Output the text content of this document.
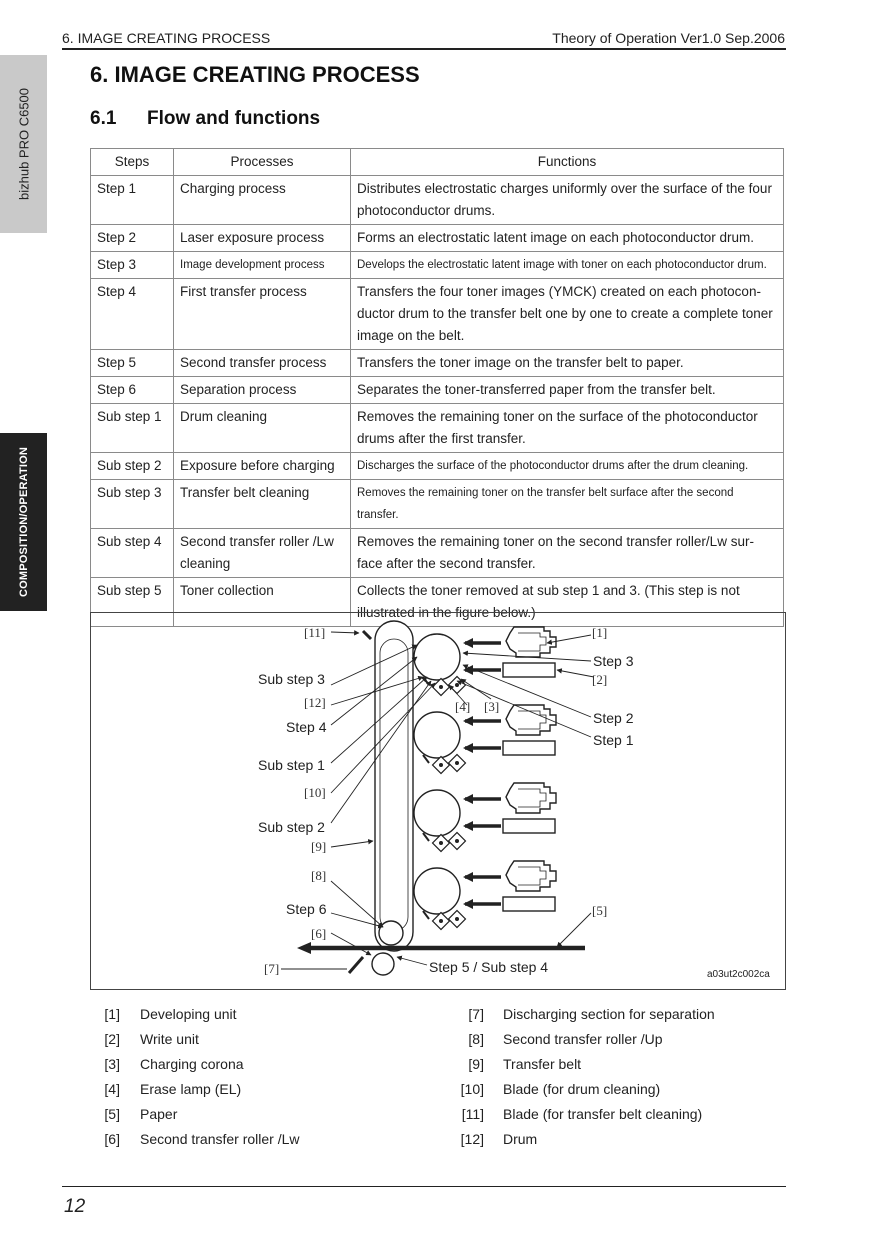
6. IMAGE CREATING PROCESS	Theory of Operation Ver1.0 Sep.2006
bizhub PRO C6500
COMPOSITION/OPERATION
6. IMAGE CREATING PROCESS
6.1 Flow and functions
Steps	Processes	Functions
Step 1	Charging process	Distributes electrostatic charges uniformly over the surface of the four photoconductor drums.
Step 2	Laser exposure process	Forms an electrostatic latent image on each photoconductor drum.
Step 3	Image development process	Develops the electrostatic latent image with toner on each photoconductor drum.
Step 4	First transfer process	Transfers the four toner images (YMCK) created on each photocon-ductor drum to the transfer belt one by one to create a complete toner image on the belt.
Step 5	Second transfer process	Transfers the toner image on the transfer belt to paper.
Step 6	Separation process	Separates the toner-transferred paper from the transfer belt.
Sub step 1	Drum cleaning	Removes the remaining toner on the surface of the photoconductor drums after the first transfer.
Sub step 2	Exposure before charging	Discharges the surface of the photoconductor drums after the drum cleaning.
Sub step 3	Transfer belt cleaning	Removes the remaining toner on the transfer belt surface after the second transfer.
Sub step 4	Second transfer roller /Lw cleaning	Removes the remaining toner on the second transfer roller/Lw sur-face after the second transfer.
Sub step 5	Toner collection	Collects the toner removed at sub step 1 and 3. (This step is not illustrated in the figure below.)
[11]	[1]
Step 3
[2]
Sub step 3
[12]	[4] [3]
Step 4
Step 2
Step 1
Sub step 1
[10]
Sub step 2
[9]
[8]
Step 6	[5]
[6]
[7]	Step 5 / Sub step 4	a03ut2c002ca
[1] Developing unit
[2] Write unit
[3] Charging corona
[4] Erase lamp (EL)
[5] Paper
[6] Second transfer roller /Lw
[7] Discharging section for separation
[8] Second transfer roller /Up
[9] Transfer belt
[10] Blade (for drum cleaning)
[11] Blade (for transfer belt cleaning)
[12] Drum
12
